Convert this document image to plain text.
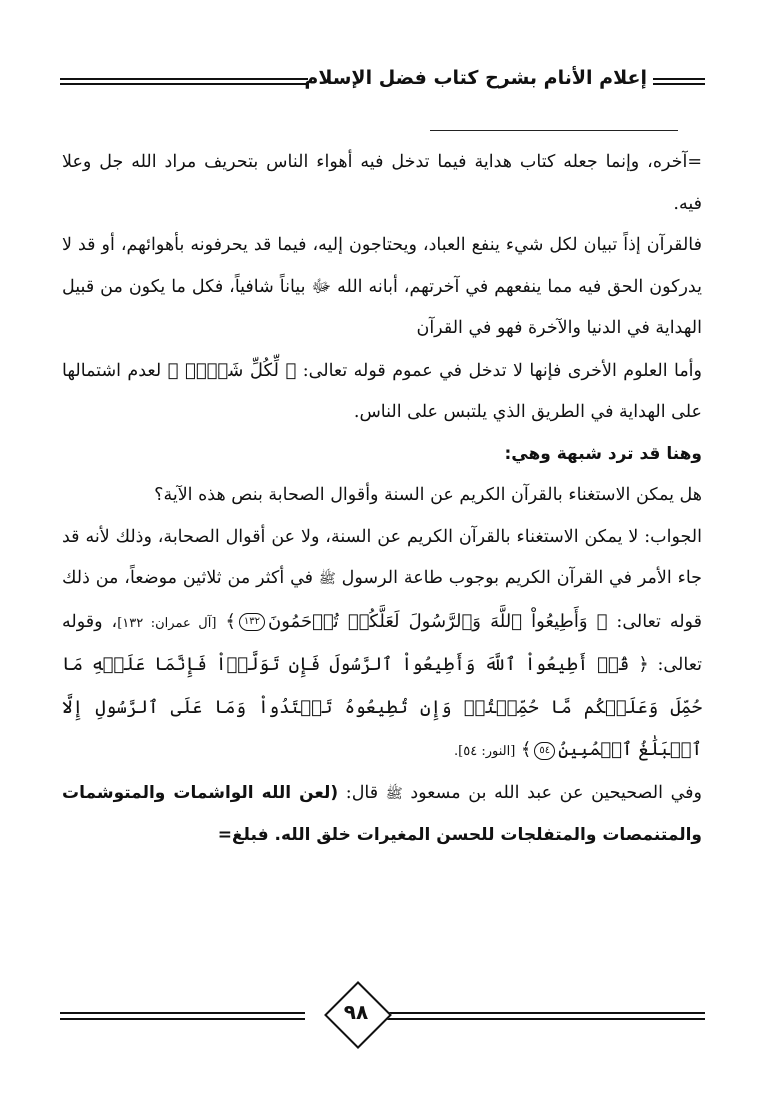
إعلام الأنام بشرح كتاب فضل الإسلام

=آخره، وإنما جعله كتاب هداية فيما تدخل فيه أهواء الناس بتحريف مراد الله جل وعلا فيه.

فالقرآن إذاً تبيان لكل شيء ينفع العباد، ويحتاجون إليه، فيما قد يحرفونه بأهوائهم، أو قد لا يدركون الحق فيه مما ينفعهم في آخرتهم، أبانه الله ﷻ بياناً شافياً، فكل ما يكون من قبيل الهداية في الدنيا والآخرة فهو في القرآن

وأما العلوم الأخرى فإنها لا تدخل في عموم قوله تعالى: ﴿ لِّكُلِّ شَيۡءٖ ﴾ لعدم اشتمالها على الهداية في الطريق الذي يلتبس على الناس.

وهنا قد ترد شبهة وهي:

هل يمكن الاستغناء بالقرآن الكريم عن السنة وأقوال الصحابة بنص هذه الآية؟

الجواب: لا يمكن الاستغناء بالقرآن الكريم عن السنة، ولا عن أقوال الصحابة، وذلك لأنه قد جاء الأمر في القرآن الكريم بوجوب طاعة الرسول ﷺ في أكثر من ثلاثين موضعاً، من ذلك قوله تعالى: ﴿ وَأَطِيعُواْ ٱللَّهَ وَٱلرَّسُولَ لَعَلَّكُمۡ تُرۡحَمُونَ١٣٢﴾ [آل عمران: ١٣٢]، وقوله تعالى: ﴿ قُلۡ أَطِيعُواْ ٱللَّهَ وَأَطِيعُواْ ٱلرَّسُولَ فَإِن تَوَلَّوۡاْ فَإِنَّمَا عَلَيۡهِ مَا حُمِّلَ وَعَلَيۡكُم مَّا حُمِّلۡتُمۡ وَإِن تُطِيعُوهُ تَهۡتَدُواْ وَمَا عَلَى ٱلرَّسُولِ إِلَّا ٱلۡبَلَٰغُ ٱلۡمُبِينُ٥٤﴾ [النور: ٥٤].

وفي الصحيحين عن عبد الله بن مسعود ﷺ قال: (لعن الله الواشمات والمتوشمات والمتنمصات والمتفلجات للحسن المغيرات خلق الله. فبلغ=

٩٨
